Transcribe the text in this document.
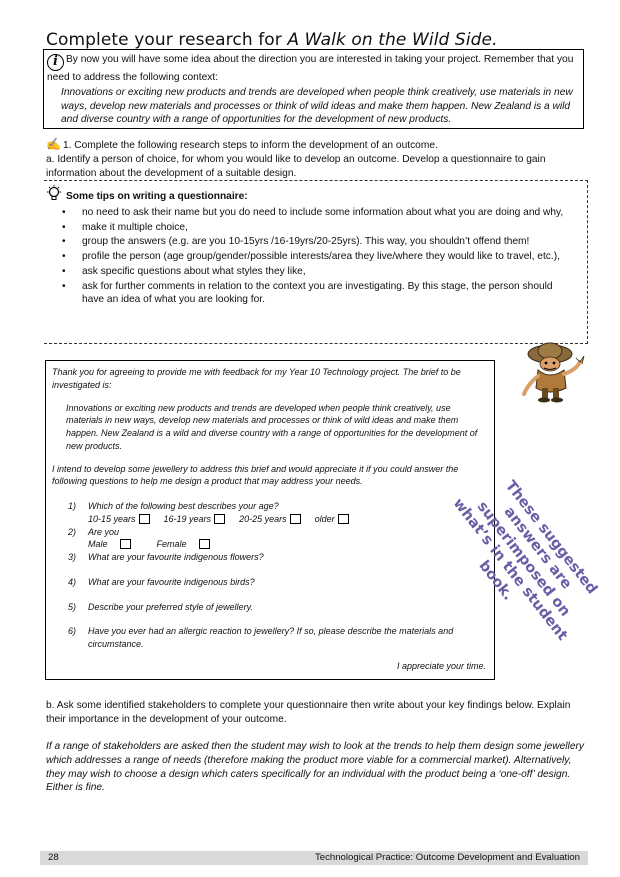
Complete your research for A Walk on the Wild Side.
i By now you will have some idea about the direction you are interested in taking your project. Remember that you need to address the following context:
Innovations or exciting new products and trends are developed when people think creatively, use materials in new ways, develop new materials and processes or think of wild ideas and make them happen. New Zealand is a wild and diverse country with a range of opportunities for the development of new products.
✍ 1. Complete the following research steps to inform the development of an outcome.
a. Identify a person of choice, for whom you would like to develop an outcome. Develop a questionnaire to gain information about the development of a suitable design.
Some tips on writing a questionnaire:
• no need to ask their name but you do need to include some information about what you are doing and why,
• make it multiple choice,
• group the answers (e.g. are you 10-15yrs /16-19yrs/20-25yrs). This way, you shouldn’t offend them!
• profile the person (age group/gender/possible interests/area they live/where they would like to travel, etc.),
• ask specific questions about what styles they like,
• ask for further comments in relation to the context you are investigating. By this stage, the person should have an idea of what you are looking for.
Thank you for agreeing to provide me with feedback for my Year 10 Technology project. The brief to be investigated is:
Innovations or exciting new products and trends are developed when people think creatively, use materials in new ways, develop new materials and processes or think of wild ideas and make them happen. New Zealand is a wild and diverse country with a range of opportunities for the development of new products.
I intend to develop some jewellery to address this brief and would appreciate it if you could answer the following questions to help me design a product that may address your needs.
1)	Which of the following best describes your age?
10-15 years	16-19 years	20-25 years	older
2)	Are you
Male	Female
3)	What are your favourite indigenous flowers?
4)	What are your favourite indigenous birds?
5)	Describe your preferred style of jewellery.
6)	Have you ever had an allergic reaction to jewellery? If so, please describe the materials and circumstance.
I appreciate your time.
These suggested answers are superimposed on what’s in the student book.
b. Ask some identified stakeholders to complete your questionnaire then write about your key findings below. Explain their importance in the development of your outcome.
If a range of stakeholders are asked then the student may wish to look at the trends to help them design some jewellery which addresses a range of needs (therefore making the product more viable for a commercial market). Alternatively, they may wish to choose a design which caters specifically for an individual with the product being a ‘one-off’ design. Either is fine.
28	Technological Practice: Outcome Development and Evaluation
